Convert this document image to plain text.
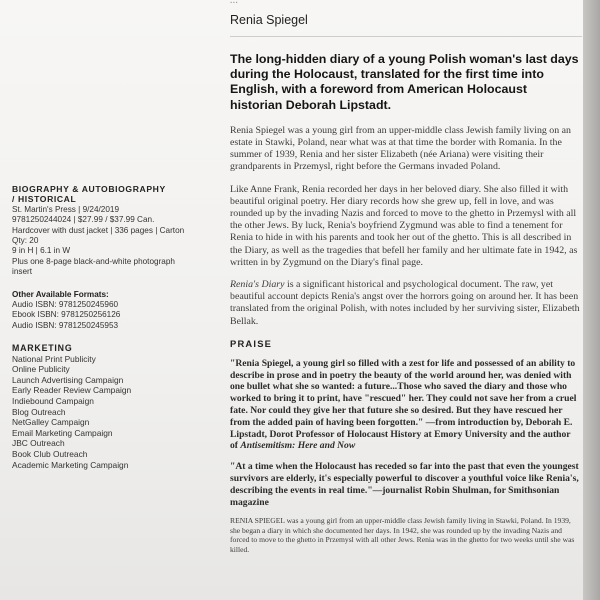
...
Renia Spiegel
BIOGRAPHY & AUTOBIOGRAPHY
/ HISTORICAL
St. Martin's Press | 9/24/2019
9781250244024 | $27.99 / $37.99 Can.
Hardcover with dust jacket | 336 pages | Carton
Qty: 20
9 in H | 6.1 in W
Plus one 8-page black-and-white photograph
insert
Other Available Formats:
Audio ISBN: 9781250245960
Ebook ISBN: 9781250256126
Audio ISBN: 9781250245953
MARKETING
National Print Publicity
Online Publicity
Launch Advertising Campaign
Early Reader Review Campaign
Indiebound Campaign
Blog Outreach
NetGalley Campaign
Email Marketing Campaign
JBC Outreach
Book Club Outreach
Academic Marketing Campaign
The long-hidden diary of a young Polish woman's last days during the Holocaust, translated for the first time into English, with a foreword from American Holocaust historian Deborah Lipstadt.

Renia Spiegel was a young girl from an upper-middle class Jewish family living on an estate in Stawki, Poland, near what was at that time the border with Romania. In the summer of 1939, Renia and her sister Elizabeth (née Ariana) were visiting their grandparents in Przemysl, right before the Germans invaded Poland.

Like Anne Frank, Renia recorded her days in her beloved diary. She also filled it with beautiful original poetry. Her diary records how she grew up, fell in love, and was rounded up by the invading Nazis and forced to move to the ghetto in Przemysl with all the other Jews. By luck, Renia's boyfriend Zygmund was able to find a tenement for Renia to hide in with his parents and took her out of the ghetto. This is all described in the Diary, as well as the tragedies that befell her family and her ultimate fate in 1942, as written in by Zygmund on the Diary's final page.

Renia's Diary is a significant historical and psychological document. The raw, yet beautiful account depicts Renia's angst over the horrors going on around her. It has been translated from the original Polish, with notes included by her surviving sister, Elizabeth Bellak.

PRAISE
"Renia Spiegel, a young girl so filled with a zest for life and possessed of an ability to describe in prose and in poetry the beauty of the world around her, was denied with one bullet what she so wanted: a future...Those who saved the diary and those who worked to bring it to print, have "rescued" her. They could not save her from a cruel fate. Nor could they give her that future she so desired. But they have rescued her from the added pain of having been forgotten." —from introduction by, Deborah E. Lipstadt, Dorot Professor of Holocaust History at Emory University and the author of Antisemitism: Here and Now
"At a time when the Holocaust has receded so far into the past that even the youngest survivors are elderly, it's especially powerful to discover a youthful voice like Renia's, describing the events in real time."—journalist Robin Shulman, for Smithsonian magazine
RENIA SPIEGEL was a young girl from an upper-middle class Jewish family living in Stawki, Poland. In 1939, she began a diary in which she documented her days. In 1942, she was rounded up by the invading Nazis and forced to move to the ghetto in Przemysl with all other Jews. Renia was in the ghetto for two weeks until she was killed.
